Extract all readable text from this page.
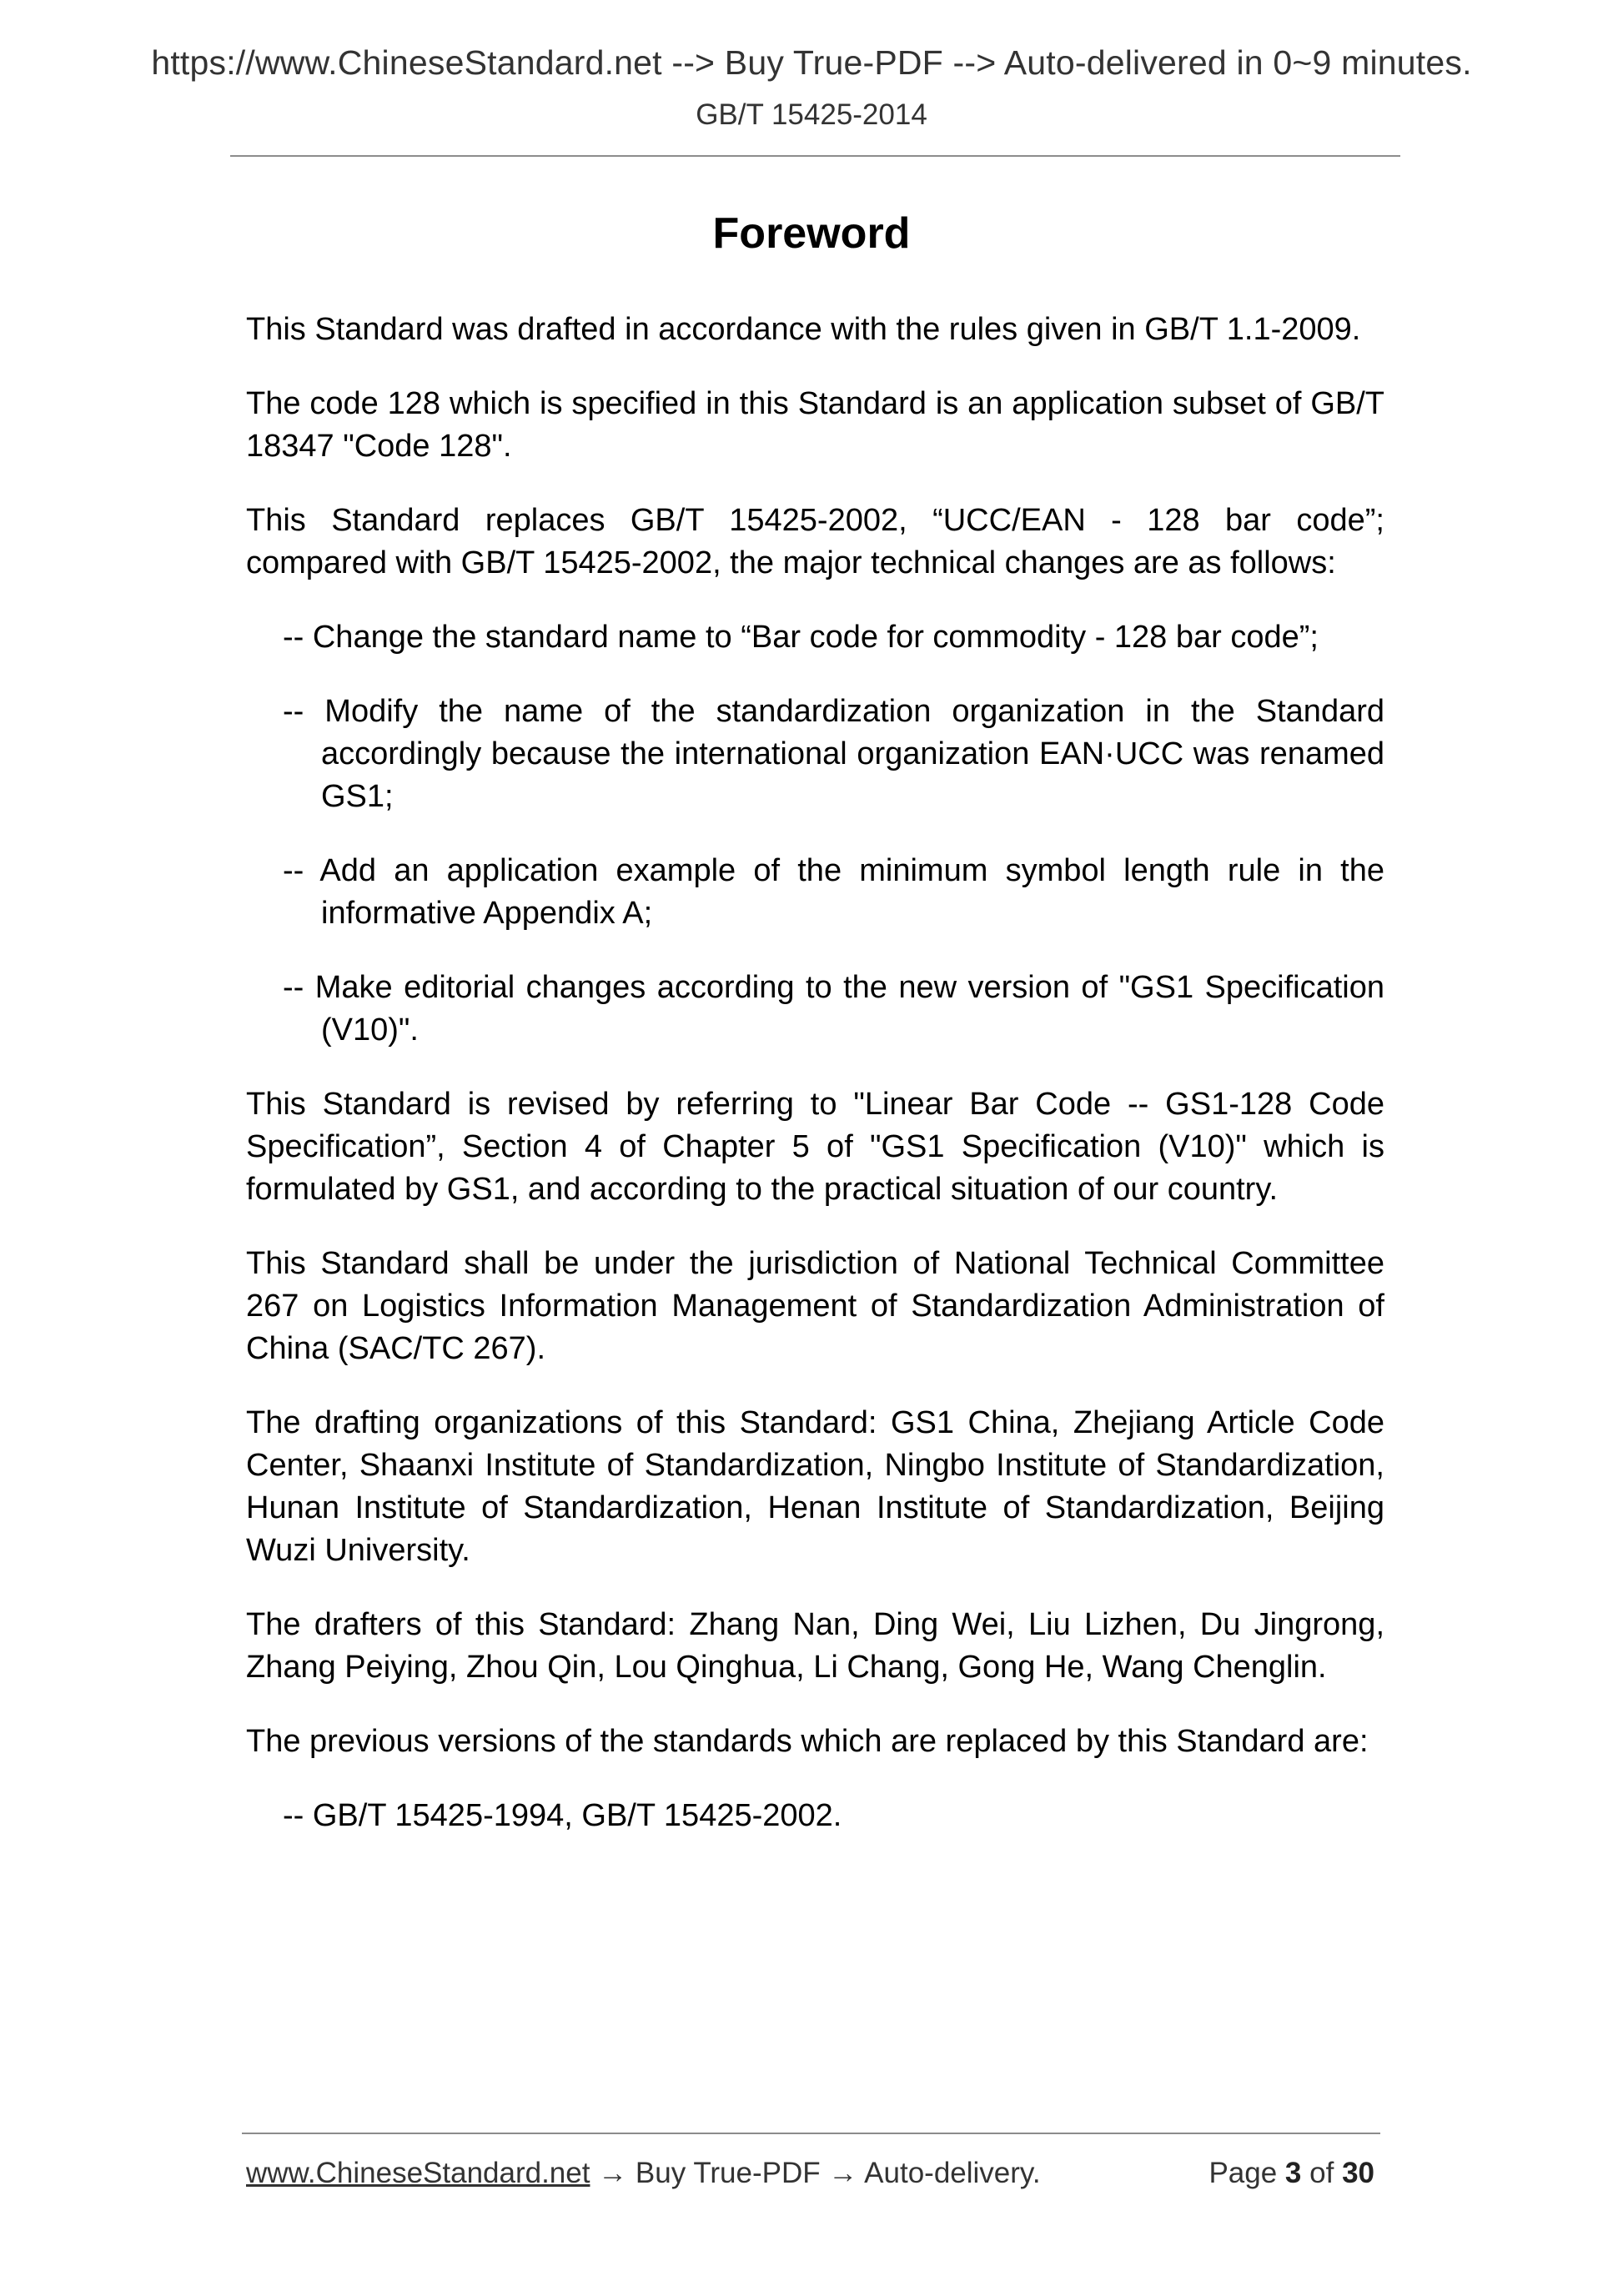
https://www.ChineseStandard.net --> Buy True-PDF --> Auto-delivered in 0~9 minutes.
GB/T 15425-2014
Foreword

This Standard was drafted in accordance with the rules given in GB/T 1.1-2009.

The code 128 which is specified in this Standard is an application subset of GB/T 18347 "Code 128".

This Standard replaces GB/T 15425-2002, “UCC/EAN - 128 bar code”; compared with GB/T 15425-2002, the major technical changes are as follows:

-- Change the standard name to “Bar code for commodity - 128 bar code”;

-- Modify the name of the standardization organization in the Standard accordingly because the international organization EAN·UCC was renamed GS1;

-- Add an application example of the minimum symbol length rule in the informative Appendix A;

-- Make editorial changes according to the new version of "GS1 Specification (V10)".

This Standard is revised by referring to "Linear Bar Code -- GS1-128 Code Specification”, Section 4 of Chapter 5 of "GS1 Specification (V10)" which is formulated by GS1, and according to the practical situation of our country.

This Standard shall be under the jurisdiction of National Technical Committee 267 on Logistics Information Management of Standardization Administration of China (SAC/TC 267).

The drafting organizations of this Standard: GS1 China, Zhejiang Article Code Center, Shaanxi Institute of Standardization, Ningbo Institute of Standardization, Hunan Institute of Standardization, Henan Institute of Standardization, Beijing Wuzi University.

The drafters of this Standard: Zhang Nan, Ding Wei, Liu Lizhen, Du Jingrong, Zhang Peiying, Zhou Qin, Lou Qinghua, Li Chang, Gong He, Wang Chenglin.

The previous versions of the standards which are replaced by this Standard are:

-- GB/T 15425-1994, GB/T 15425-2002.

www.ChineseStandard.net → Buy True-PDF → Auto-delivery.	Page 3 of 30
